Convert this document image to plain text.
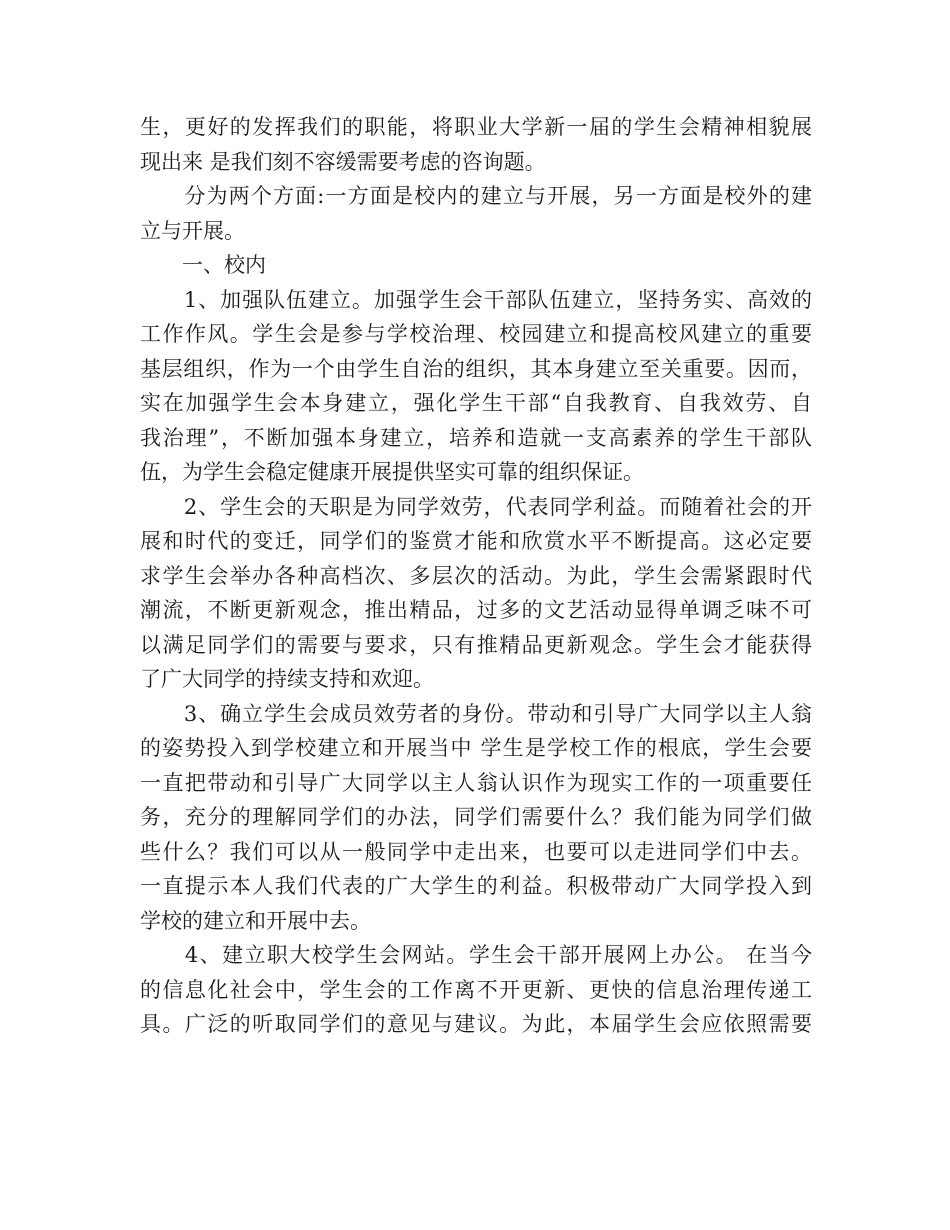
生，更好的发挥我们的职能，将职业大学新一届的学生会精神相貌展
现出来 是我们刻不容缓需要考虑的咨询题。
　　分为两个方面:一方面是校内的建立与开展，另一方面是校外的建
立与开展。
　　一、校内
　　1、加强队伍建立。加强学生会干部队伍建立，坚持务实、高效的
工作作风。学生会是参与学校治理、校园建立和提高校风建立的重要
基层组织，作为一个由学生自治的组织，其本身建立至关重要。因而，
实在加强学生会本身建立，强化学生干部“自我教育、自我效劳、自
我治理”，不断加强本身建立，培养和造就一支高素养的学生干部队
伍，为学生会稳定健康开展提供坚实可靠的组织保证。
　　2、学生会的天职是为同学效劳，代表同学利益。而随着社会的开
展和时代的变迁，同学们的鉴赏才能和欣赏水平不断提高。这必定要
求学生会举办各种高档次、多层次的活动。为此，学生会需紧跟时代
潮流，不断更新观念，推出精品，过多的文艺活动显得单调乏味不可
以满足同学们的需要与要求，只有推精品更新观念。学生会才能获得
了广大同学的持续支持和欢迎。
　　3、确立学生会成员效劳者的身份。带动和引导广大同学以主人翁
的姿势投入到学校建立和开展当中 学生是学校工作的根底，学生会要
一直把带动和引导广大同学以主人翁认识作为现实工作的一项重要任
务，充分的理解同学们的办法，同学们需要什么？我们能为同学们做
些什么？我们可以从一般同学中走出来，也要可以走进同学们中去。
一直提示本人我们代表的广大学生的利益。积极带动广大同学投入到
学校的建立和开展中去。
　　4、建立职大校学生会网站。学生会干部开展网上办公。 在当今
的信息化社会中，学生会的工作离不开更新、更快的信息治理传递工
具。广泛的听取同学们的意见与建议。为此，本届学生会应依照需要
